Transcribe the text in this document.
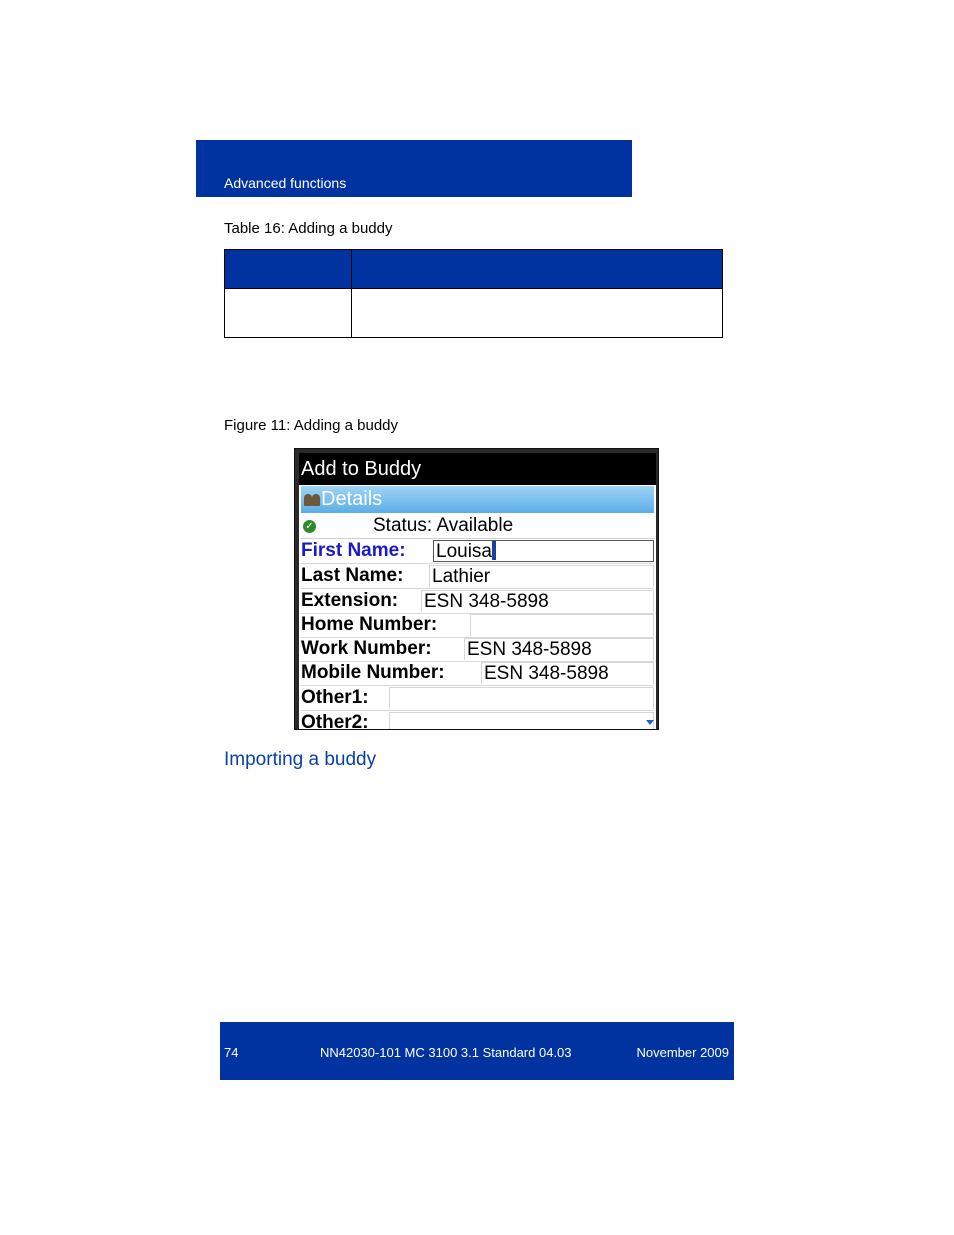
Advanced functions
Table 16: Adding a buddy
Figure 11: Adding a buddy
Add to Buddy
Details
✓	Status: Available
First Name: Louisa
Last Name: Lathier
Extension: ESN 348-5898
Home Number:
Work Number: ESN 348-5898
Mobile Number: ESN 348-5898
Other1:
Other2:
Importing a buddy
74	NN42030-101 MC 3100 3.1 Standard 04.03	November 2009
